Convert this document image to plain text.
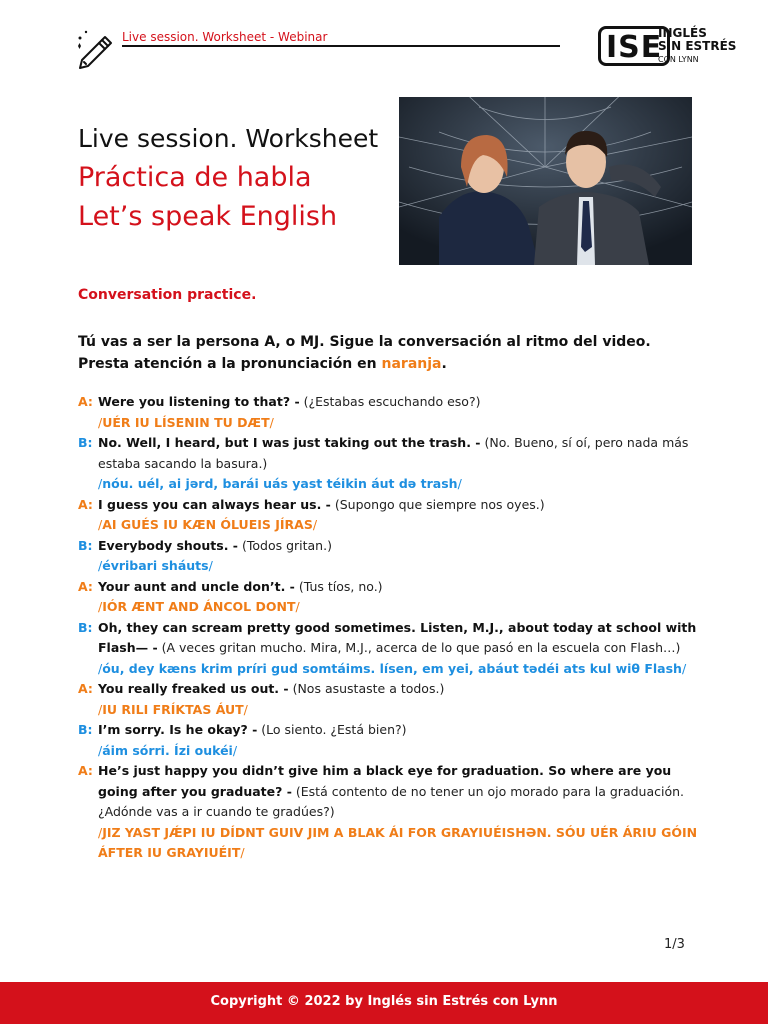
Live session. Worksheet - Webinar	ISE
INGLÉS
SIN ESTRÉS
CON LYNN
Live session. Worksheet
Práctica de habla
Let’s speak English
Conversation practice.
Tú vas a ser la persona A, o MJ. Sigue la conversación al ritmo del video. Presta atención a la pronunciación en naranja.
A: Were you listening to that? - (¿Estabas escuchando eso?)
/UÉR IU LÍSENIN TU DÆT/
B: No. Well, I heard, but I was just taking out the trash. - (No. Bueno, sí oí, pero nada más estaba sacando la basura.)
/nóu. uél, ai jərd, barái uás yast téikin áut də trash/
A: I guess you can always hear us. - (Supongo que siempre nos oyes.)
/AI GUÉS IU KÆN ÓLUEIS JÍRAS/
B: Everybody shouts. - (Todos gritan.)
/évribari sháuts/
A: Your aunt and uncle don’t. - (Tus tíos, no.)
/IÓR ÆNT AND ÁNCOL DONT/
B: Oh, they can scream pretty good sometimes. Listen, M.J., about today at school with Flash— - (A veces gritan mucho. Mira, M.J., acerca de lo que pasó en la escuela con Flash…)
/óu, dey kæns krim príri gud somtáims. lísen, em yei, abáut tədéi ats kul wiθ Flash/
A: You really freaked us out. - (Nos asustaste a todos.)
/IU RILI FRÍKTAS ÁUT/
B: I’m sorry. Is he okay? - (Lo siento. ¿Está bien?)
/áim sórri. Ízi oukéi/
A: He’s just happy you didn’t give him a black eye for graduation. So where are you going after you graduate? - (Está contento de no tener un ojo morado para la graduación.¿Adónde vas a ir cuando te gradúes?)
/JIZ YAST JǼPI IU DÍDNT GUIV JIM A BLAK ÁI FOR GRAYIUÉISHƏN. SÓU UÉR ÁRIU GÓIN ÁFTER IU GRAYIUÉIT/
1/3
Copyright © 2022 by Inglés sin Estrés con Lynn
